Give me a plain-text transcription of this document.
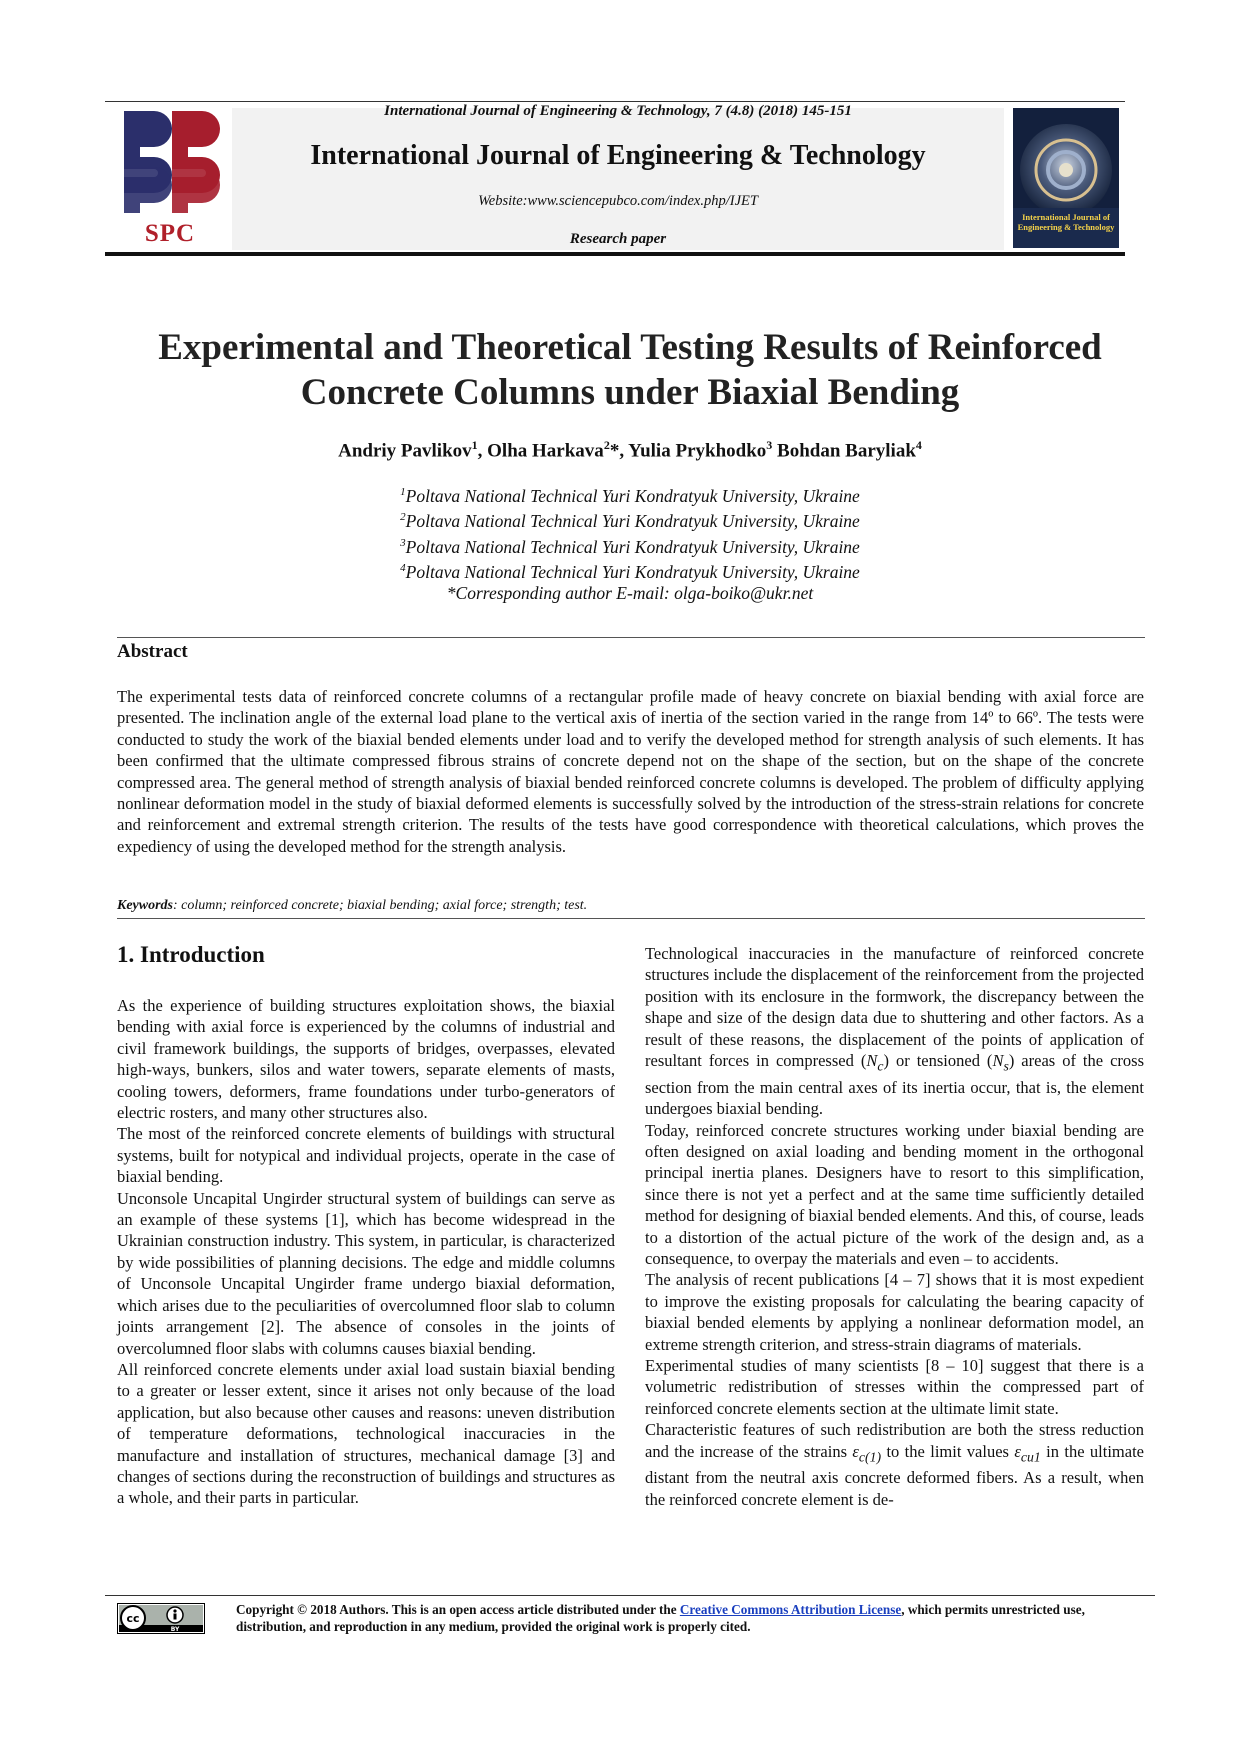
SPC
International Journal of Engineering & Technology, 7 (4.8) (2018) 145-151
International Journal of Engineering & Technology
Website:www.sciencepubco.com/index.php/IJET
Research paper
International Journal of Engineering & Technology
Experimental and Theoretical Testing Results of Reinforced
Concrete Columns under Biaxial Bending
Andriy Pavlikov$^1$, Olha Harkava$^2$*, Yulia Prykhodko$^3$ Bohdan Baryliak$^4$
$^1$Poltava National Technical Yuri Kondratyuk University, Ukraine
$^2$Poltava National Technical Yuri Kondratyuk University, Ukraine
$^3$Poltava National Technical Yuri Kondratyuk University, Ukraine
$^4$Poltava National Technical Yuri Kondratyuk University, Ukraine
*Corresponding author E-mail: olga-boiko@ukr.net
Abstract
The experimental tests data of reinforced concrete columns of a rectangular profile made of heavy concrete on biaxial bending with axial force are presented. The inclination angle of the external load plane to the vertical axis of inertia of the section varied in the range from 14º to 66º. The tests were conducted to study the work of the biaxial bended elements under load and to verify the developed method for strength analysis of such elements. It has been confirmed that the ultimate compressed fibrous strains of concrete depend not on the shape of the section, but on the shape of the concrete compressed area. The general method of strength analysis of biaxial bended reinforced concrete columns is developed. The problem of difficulty applying nonlinear deformation model in the study of biaxial deformed elements is successfully solved by the introduction of the stress-strain relations for concrete and reinforcement and extremal strength criterion. The results of the tests have good correspondence with theoretical calculations, which proves the expediency of using the developed method for the strength analysis.
Keywords: column; reinforced concrete; biaxial bending; axial force; strength; test.
1. Introduction

As the experience of building structures exploitation shows, the biaxial bending with axial force is experienced by the columns of industrial and civil framework buildings, the supports of bridges, overpasses, elevated high-ways, bunkers, silos and water towers, separate elements of masts, cooling towers, deformers, frame foundations under turbo-generators of electric rosters, and many other structures also.

The most of the reinforced concrete elements of buildings with structural systems, built for notypical and individual projects, operate in the case of biaxial bending.

Unconsole Uncapital Ungirder structural system of buildings can serve as an example of these systems [1], which has become widespread in the Ukrainian construction industry. This system, in particular, is characterized by wide possibilities of planning decisions. The edge and middle columns of Unconsole Uncapital Ungirder frame undergo biaxial deformation, which arises due to the peculiarities of overcolumned floor slab to column joints arrangement [2]. The absence of consoles in the joints of overcolumned floor slabs with columns causes biaxial bending.

All reinforced concrete elements under axial load sustain biaxial bending to a greater or lesser extent, since it arises not only because of the load application, but also because other causes and reasons: uneven distribution of temperature deformations, technological inaccuracies in the manufacture and installation of structures, mechanical damage [3] and changes of sections during the reconstruction of buildings and structures as a whole, and their parts in particular.

Technological inaccuracies in the manufacture of reinforced concrete structures include the displacement of the reinforcement from the projected position with its enclosure in the formwork, the discrepancy between the shape and size of the design data due to shuttering and other factors. As a result of these reasons, the displacement of the points of application of resultant forces in compressed $(N_c)$ or tensioned $(N_s)$ areas of the cross section from the main central axes of its inertia occur, that is, the element undergoes biaxial bending.

Today, reinforced concrete structures working under biaxial bending are often designed on axial loading and bending moment in the orthogonal principal inertia planes. Designers have to resort to this simplification, since there is not yet a perfect and at the same time sufficiently detailed method for designing of biaxial bended elements. And this, of course, leads to a distortion of the actual picture of the work of the design and, as a consequence, to overpay the materials and even – to accidents.

The analysis of recent publications [4 – 7] shows that it is most expedient to improve the existing proposals for calculating the bearing capacity of biaxial bended elements by applying a nonlinear deformation model, an extreme strength criterion, and stress-strain diagrams of materials.

Experimental studies of many scientists [8 – 10] suggest that there is a volumetric redistribution of stresses within the compressed part of reinforced concrete elements section at the ultimate limit state.

Characteristic features of such redistribution are both the stress reduction and the increase of the strains $\varepsilon_{c(1)}$ to the limit values $\varepsilon_{cu1}$ in the ultimate distant from the neutral axis concrete deformed fibers. As a result, when the reinforced concrete element is de-

cc
BY
Copyright © 2018 Authors. This is an open access article distributed under the Creative Commons Attribution License, which permits unrestricted use, distribution, and reproduction in any medium, provided the original work is properly cited.
